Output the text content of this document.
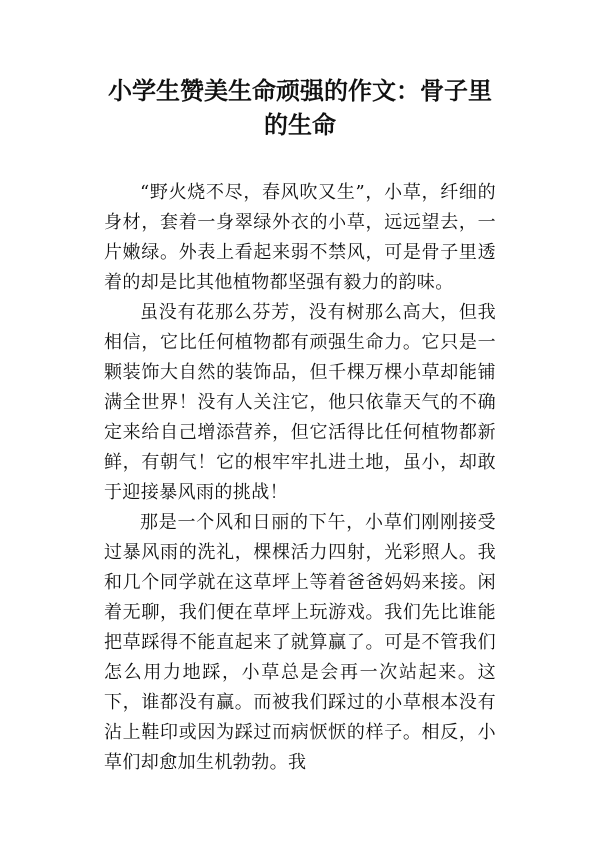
小学生赞美生命顽强的作文：骨子里
的生命

“野火烧不尽，春风吹又生”，小草，纤细的身材，套着一身翠绿外衣的小草，远远望去，一片嫩绿。外表上看起来弱不禁风，可是骨子里透着的却是比其他植物都坚强有毅力的韵味。

虽没有花那么芬芳，没有树那么高大，但我相信，它比任何植物都有顽强生命力。它只是一颗装饰大自然的装饰品，但千棵万棵小草却能铺满全世界！没有人关注它，他只依靠天气的不确定来给自己增添营养，但它活得比任何植物都新鲜，有朝气！它的根牢牢扎进土地，虽小，却敢于迎接暴风雨的挑战！

那是一个风和日丽的下午，小草们刚刚接受过暴风雨的洗礼，棵棵活力四射，光彩照人。我和几个同学就在这草坪上等着爸爸妈妈来接。闲着无聊，我们便在草坪上玩游戏。我们先比谁能把草踩得不能直起来了就算赢了。可是不管我们怎么用力地踩，小草总是会再一次站起来。这下，谁都没有赢。而被我们踩过的小草根本没有沾上鞋印或因为踩过而病恹恹的样子。相反，小草们却愈加生机勃勃。我
